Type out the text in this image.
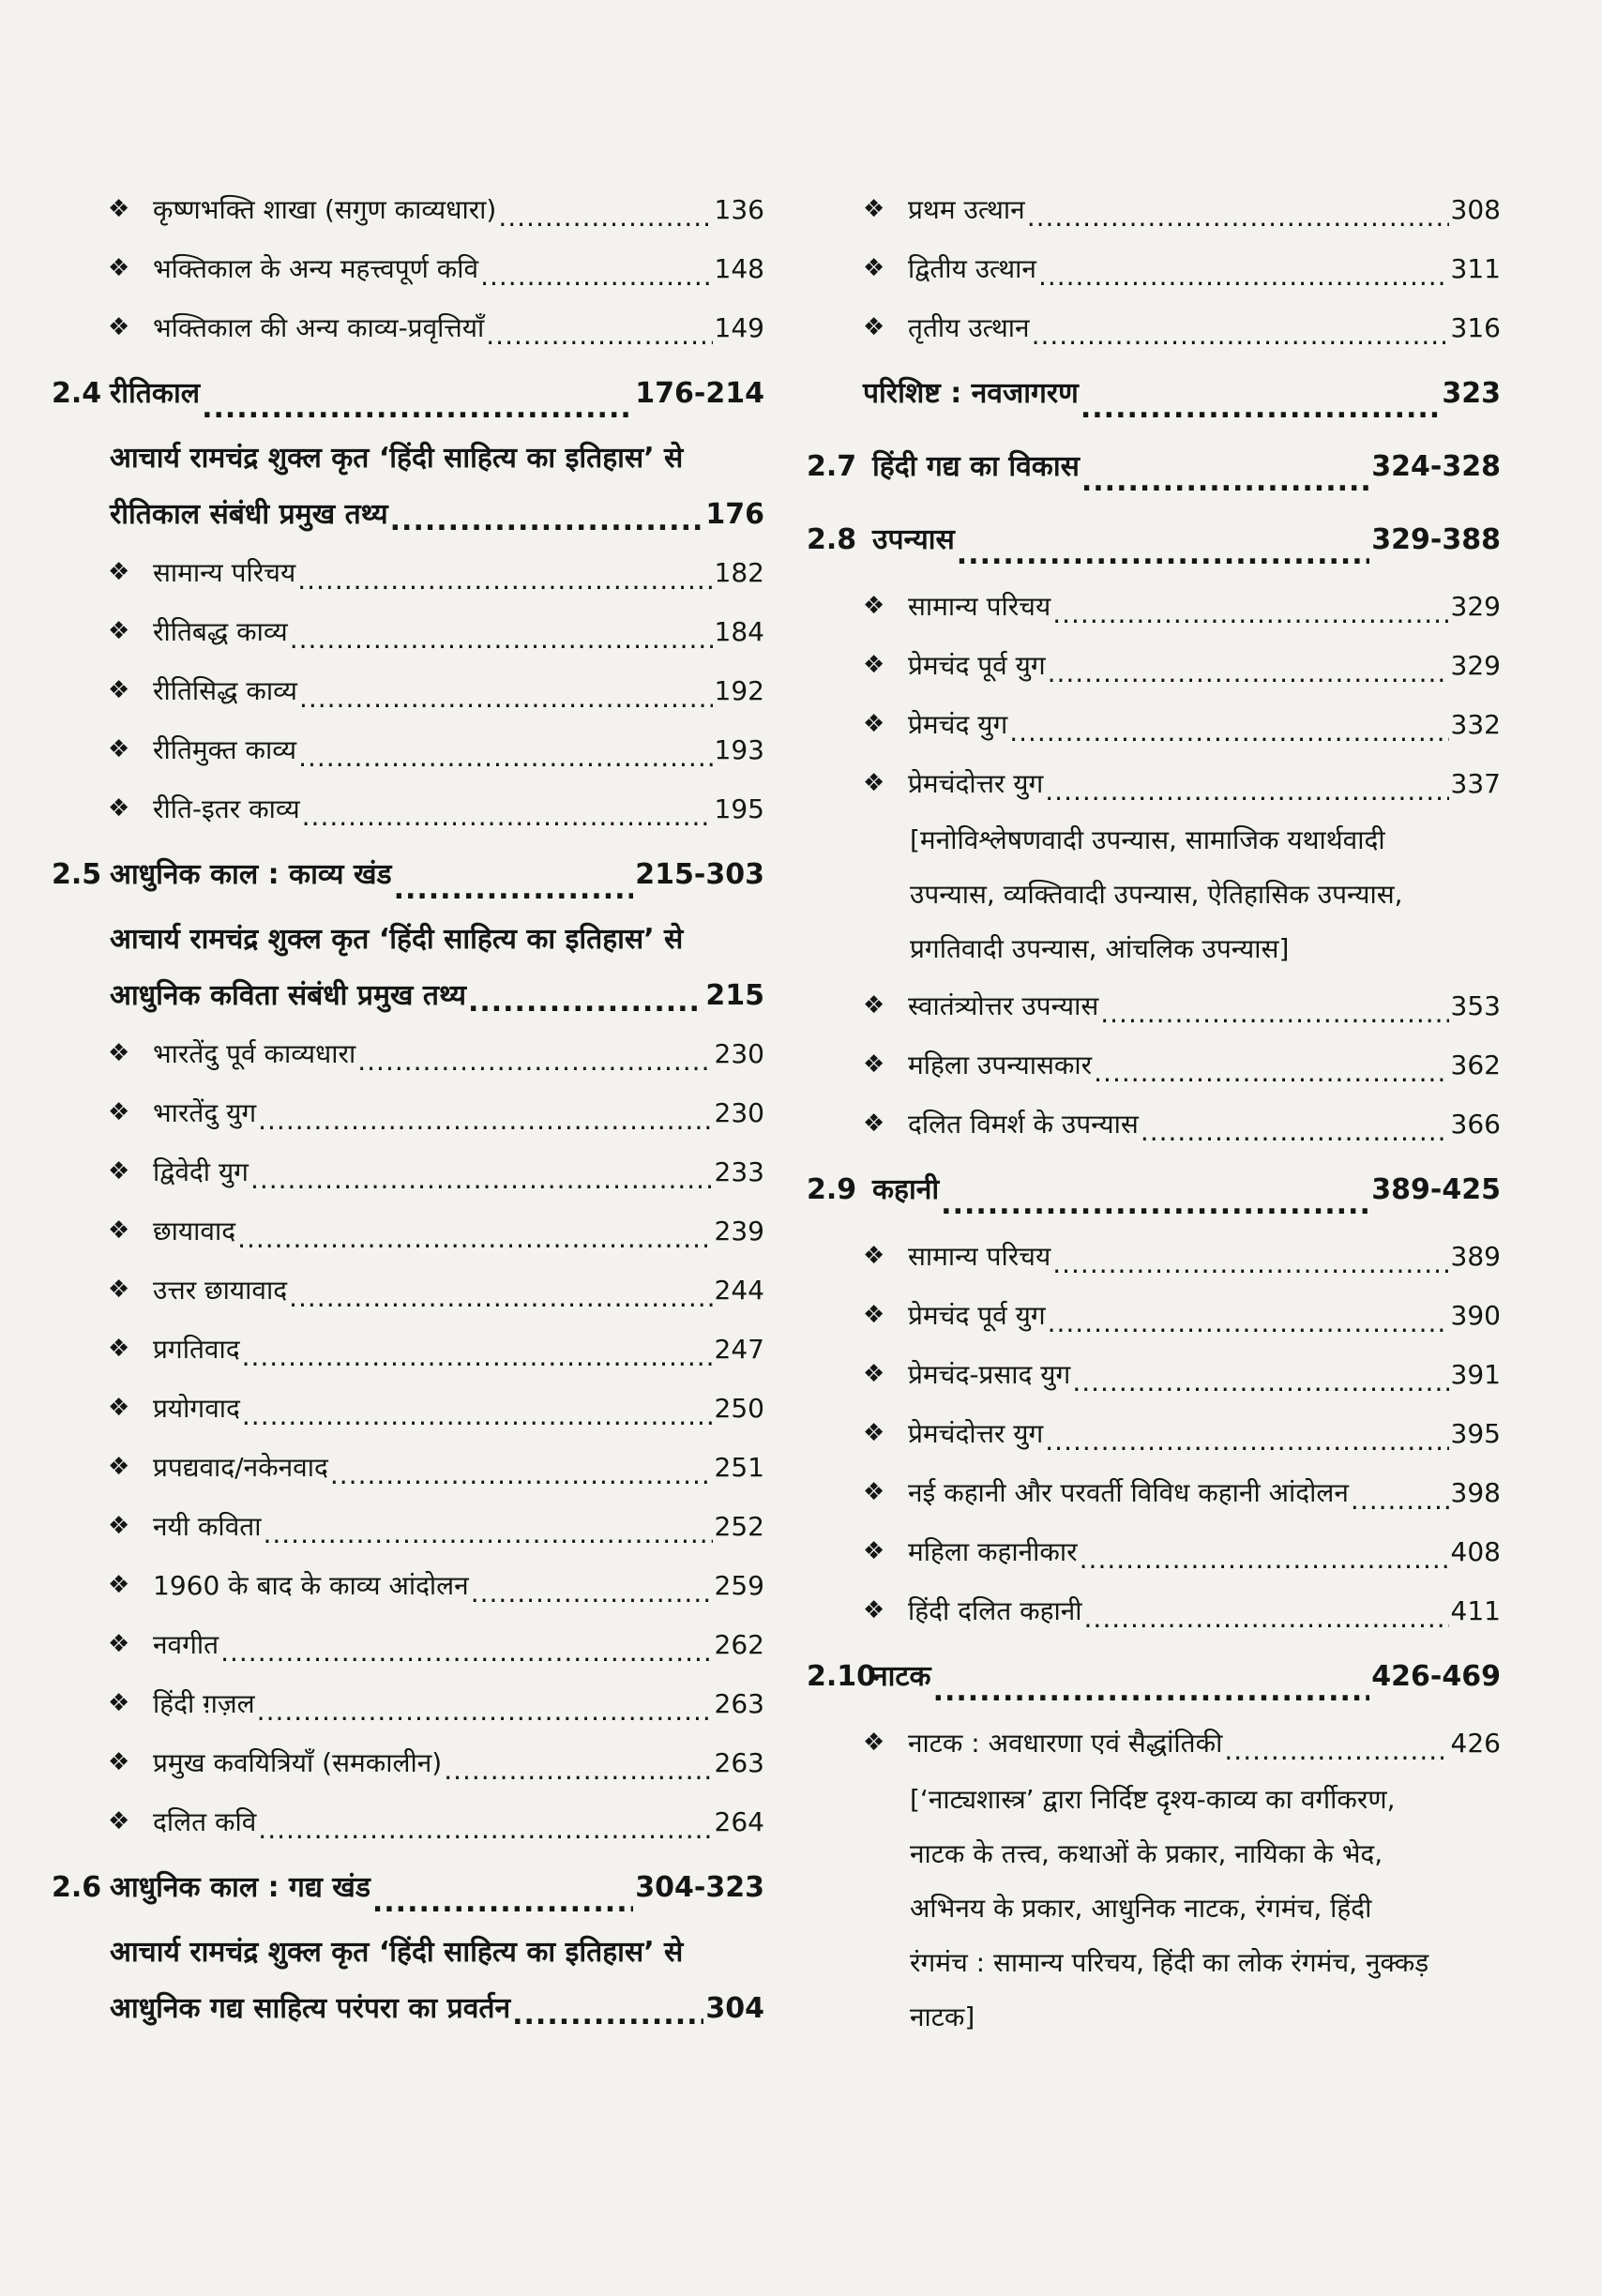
❖ कृष्णभक्ति शाखा (सगुण काव्यधारा) .....	136
❖ भक्तिकाल के अन्य महत्त्वपूर्ण कवि .....	148
❖ भक्तिकाल की अन्य काव्य-प्रवृत्तियाँ .....	149
2.4 रीतिकाल .....	176-214
आचार्य रामचंद्र शुक्ल कृत ‘हिंदी साहित्य का इतिहास’ से
रीतिकाल संबंधी प्रमुख तथ्य .....	176
❖ सामान्य परिचय .....	182
❖ रीतिबद्ध काव्य .....	184
❖ रीतिसिद्ध काव्य .....	192
❖ रीतिमुक्त काव्य .....	193
❖ रीति-इतर काव्य .....	195
2.5 आधुनिक काल : काव्य खंड .....	215-303
आचार्य रामचंद्र शुक्ल कृत ‘हिंदी साहित्य का इतिहास’ से
आधुनिक कविता संबंधी प्रमुख तथ्य .....	215
❖ भारतेंदु पूर्व काव्यधारा .....	230
❖ भारतेंदु युग .....	230
❖ द्विवेदी युग .....	233
❖ छायावाद .....	239
❖ उत्तर छायावाद .....	244
❖ प्रगतिवाद .....	247
❖ प्रयोगवाद .....	250
❖ प्रपद्यवाद/नकेनवाद .....	251
❖ नयी कविता .....	252
❖ 1960 के बाद के काव्य आंदोलन .....	259
❖ नवगीत .....	262
❖ हिंदी ग़ज़ल .....	263
❖ प्रमुख कवयित्रियाँ (समकालीन) .....	263
❖ दलित कवि .....	264
2.6 आधुनिक काल : गद्य खंड .....	304-323
आचार्य रामचंद्र शुक्ल कृत ‘हिंदी साहित्य का इतिहास’ से
आधुनिक गद्य साहित्य परंपरा का प्रवर्तन .....	304
❖ प्रथम उत्थान .....	308
❖ द्वितीय उत्थान .....	311
❖ तृतीय उत्थान .....	316
परिशिष्ट : नवजागरण .....	323
2.7 हिंदी गद्य का विकास .....	324-328
2.8 उपन्यास .....	329-388
❖ सामान्य परिचय .....	329
❖ प्रेमचंद पूर्व युग .....	329
❖ प्रेमचंद युग .....	332
❖ प्रेमचंदोत्तर युग .....	337
[मनोविश्लेषणवादी उपन्यास, सामाजिक यथार्थवादी
उपन्यास, व्यक्तिवादी उपन्यास, ऐतिहासिक उपन्यास,
प्रगतिवादी उपन्यास, आंचलिक उपन्यास]
❖ स्वातंत्र्योत्तर उपन्यास .....	353
❖ महिला उपन्यासकार .....	362
❖ दलित विमर्श के उपन्यास .....	366
2.9 कहानी .....	389-425
❖ सामान्य परिचय .....	389
❖ प्रेमचंद पूर्व युग .....	390
❖ प्रेमचंद-प्रसाद युग .....	391
❖ प्रेमचंदोत्तर युग .....	395
❖ नई कहानी और परवर्ती विविध कहानी आंदोलन .....	398
❖ महिला कहानीकार .....	408
❖ हिंदी दलित कहानी .....	411
2.10
नाटक .....	426-469
❖ नाटक : अवधारणा एवं सैद्धांतिकी .....	426
[‘नाट्यशास्त्र’ द्वारा निर्दिष्ट दृश्य-काव्य का वर्गीकरण,
नाटक के तत्त्व, कथाओं के प्रकार, नायिका के भेद,
अभिनय के प्रकार, आधुनिक नाटक, रंगमंच, हिंदी
रंगमंच : सामान्य परिचय, हिंदी का लोक रंगमंच, नुक्कड़
नाटक]
